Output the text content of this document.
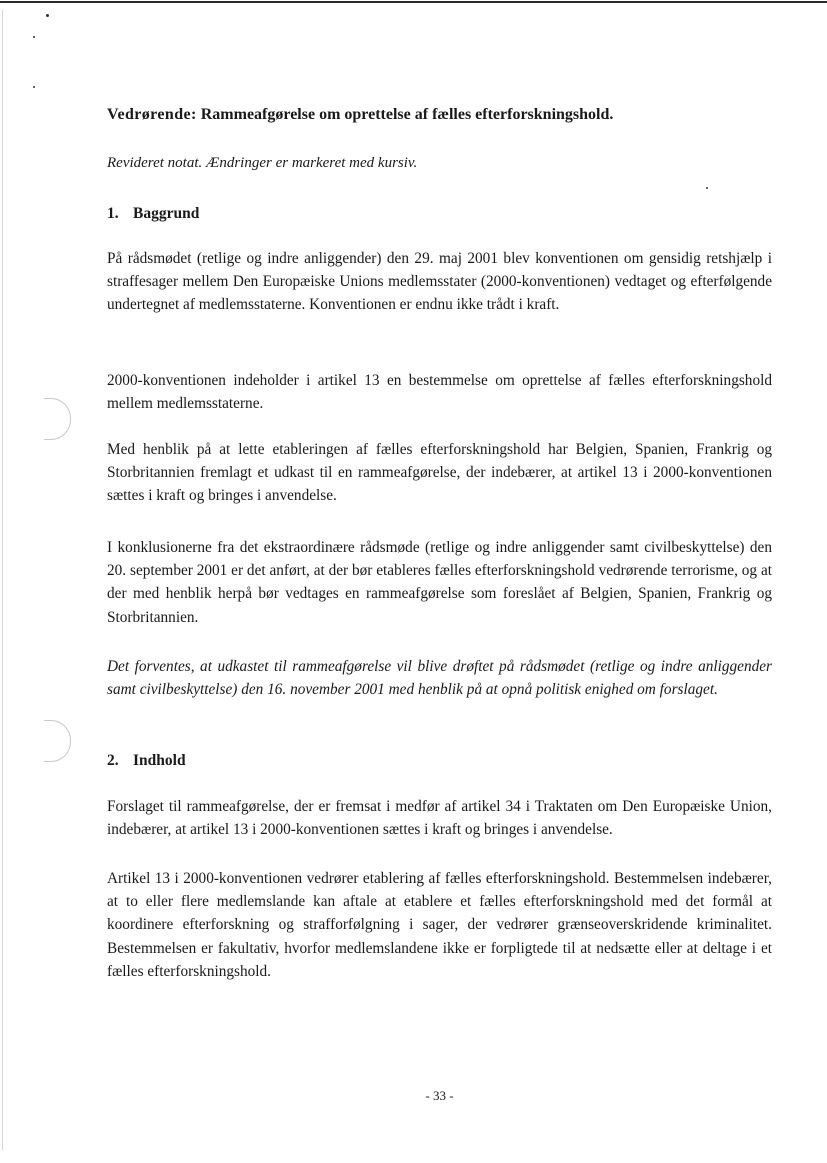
Vedrørende: Rammeafgørelse om oprettelse af fælles efterforskningshold.
Revideret notat. Ændringer er markeret med kursiv.
1. Baggrund

På rådsmødet (retlige og indre anliggender) den 29. maj 2001 blev konventionen om gensidig retshjælp i straffesager mellem Den Europæiske Unions medlemsstater (2000-konventionen) vedtaget og efterfølgende undertegnet af medlemsstaterne. Konventionen er endnu ikke trådt i kraft.

2000-konventionen indeholder i artikel 13 en bestemmelse om oprettelse af fælles efterforskningshold mellem medlemsstaterne.

Med henblik på at lette etableringen af fælles efterforskningshold har Belgien, Spanien, Frankrig og Storbritannien fremlagt et udkast til en rammeafgørelse, der indebærer, at artikel 13 i 2000-konventionen sættes i kraft og bringes i anvendelse.

I konklusionerne fra det ekstraordinære rådsmøde (retlige og indre anliggender samt civilbeskyttelse) den 20. september 2001 er det anført, at der bør etableres fælles efterforskningshold vedrørende terrorisme, og at der med henblik herpå bør vedtages en rammeafgørelse som foreslået af Belgien, Spanien, Frankrig og Storbritannien.

Det forventes, at udkastet til rammeafgørelse vil blive drøftet på rådsmødet (retlige og indre anliggender samt civilbeskyttelse) den 16. november 2001 med henblik på at opnå politisk enighed om forslaget.

2. Indhold

Forslaget til rammeafgørelse, der er fremsat i medfør af artikel 34 i Traktaten om Den Europæiske Union, indebærer, at artikel 13 i 2000-konventionen sættes i kraft og bringes i anvendelse.

Artikel 13 i 2000-konventionen vedrører etablering af fælles efterforskningshold. Bestemmelsen indebærer, at to eller flere medlemslande kan aftale at etablere et fælles efterforskningshold med det formål at koordinere efterforskning og strafforfølgning i sager, der vedrører grænseoverskridende kriminalitet. Bestemmelsen er fakultativ, hvorfor medlemslandene ikke er forpligtede til at nedsætte eller at deltage i et fælles efterforskningshold.

- 33 -
